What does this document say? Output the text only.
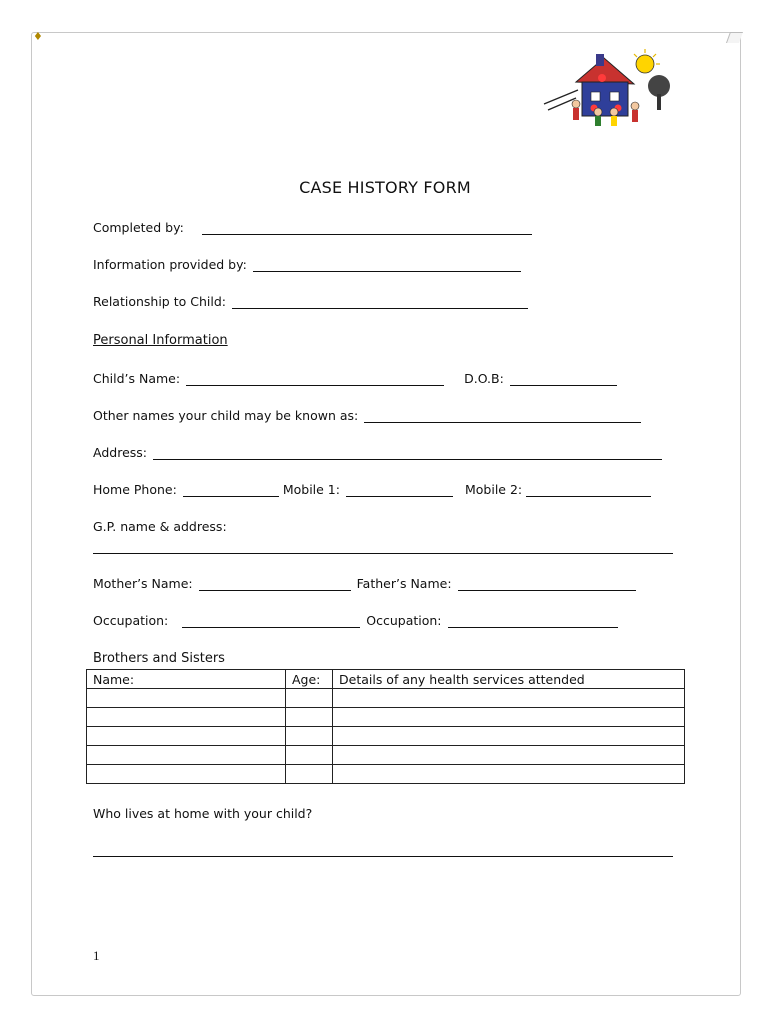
♦
CASE HISTORY FORM
Completed by:
Information provided by:
Relationship to Child:
Personal Information
Child’s Name:	D.O.B:
Other names your child may be known as:
Address:
Home Phone:	Mobile 1:	Mobile 2:
G.P. name & address:
Mother’s Name:	Father’s Name:
Occupation:	Occupation:
Brothers and Sisters
Name:	Age:	Details of any health services attended

Who lives at home with your child?
1
